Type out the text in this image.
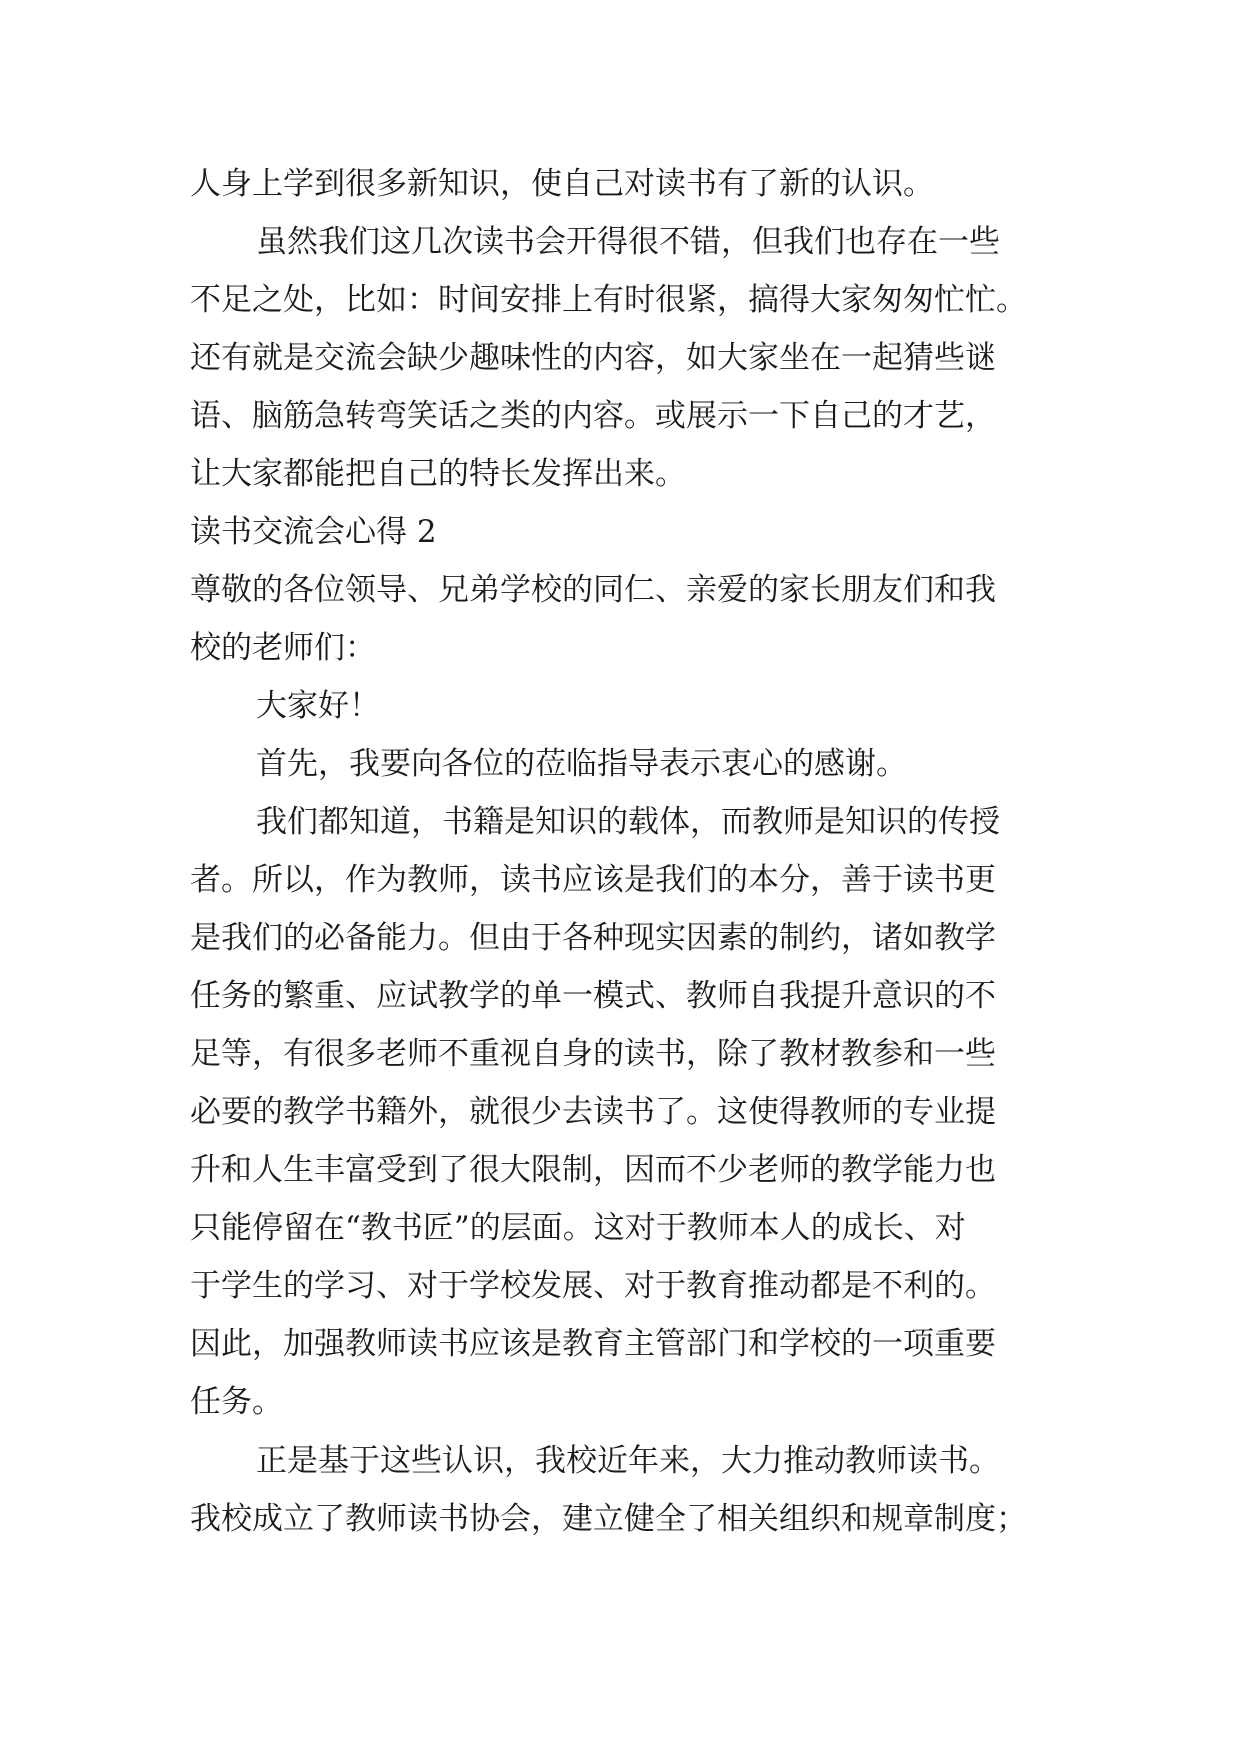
人身上学到很多新知识，使自己对读书有了新的认识。
虽然我们这几次读书会开得很不错，但我们也存在一些
不足之处，比如：时间安排上有时很紧，搞得大家匆匆忙忙。
还有就是交流会缺少趣味性的内容，如大家坐在一起猜些谜
语、脑筋急转弯笑话之类的内容。或展示一下自己的才艺，
让大家都能把自己的特长发挥出来。
读书交流会心得 2
尊敬的各位领导、兄弟学校的同仁、亲爱的家长朋友们和我
校的老师们：
大家好！
首先，我要向各位的莅临指导表示衷心的感谢。
我们都知道，书籍是知识的载体，而教师是知识的传授
者。所以，作为教师，读书应该是我们的本分，善于读书更
是我们的必备能力。但由于各种现实因素的制约，诸如教学
任务的繁重、应试教学的单一模式、教师自我提升意识的不
足等，有很多老师不重视自身的读书，除了教材教参和一些
必要的教学书籍外，就很少去读书了。这使得教师的专业提
升和人生丰富受到了很大限制，因而不少老师的教学能力也
只能停留在“教书匠”的层面。这对于教师本人的成长、对
于学生的学习、对于学校发展、对于教育推动都是不利的。
因此，加强教师读书应该是教育主管部门和学校的一项重要
任务。
正是基于这些认识，我校近年来，大力推动教师读书。
我校成立了教师读书协会，建立健全了相关组织和规章制度；
